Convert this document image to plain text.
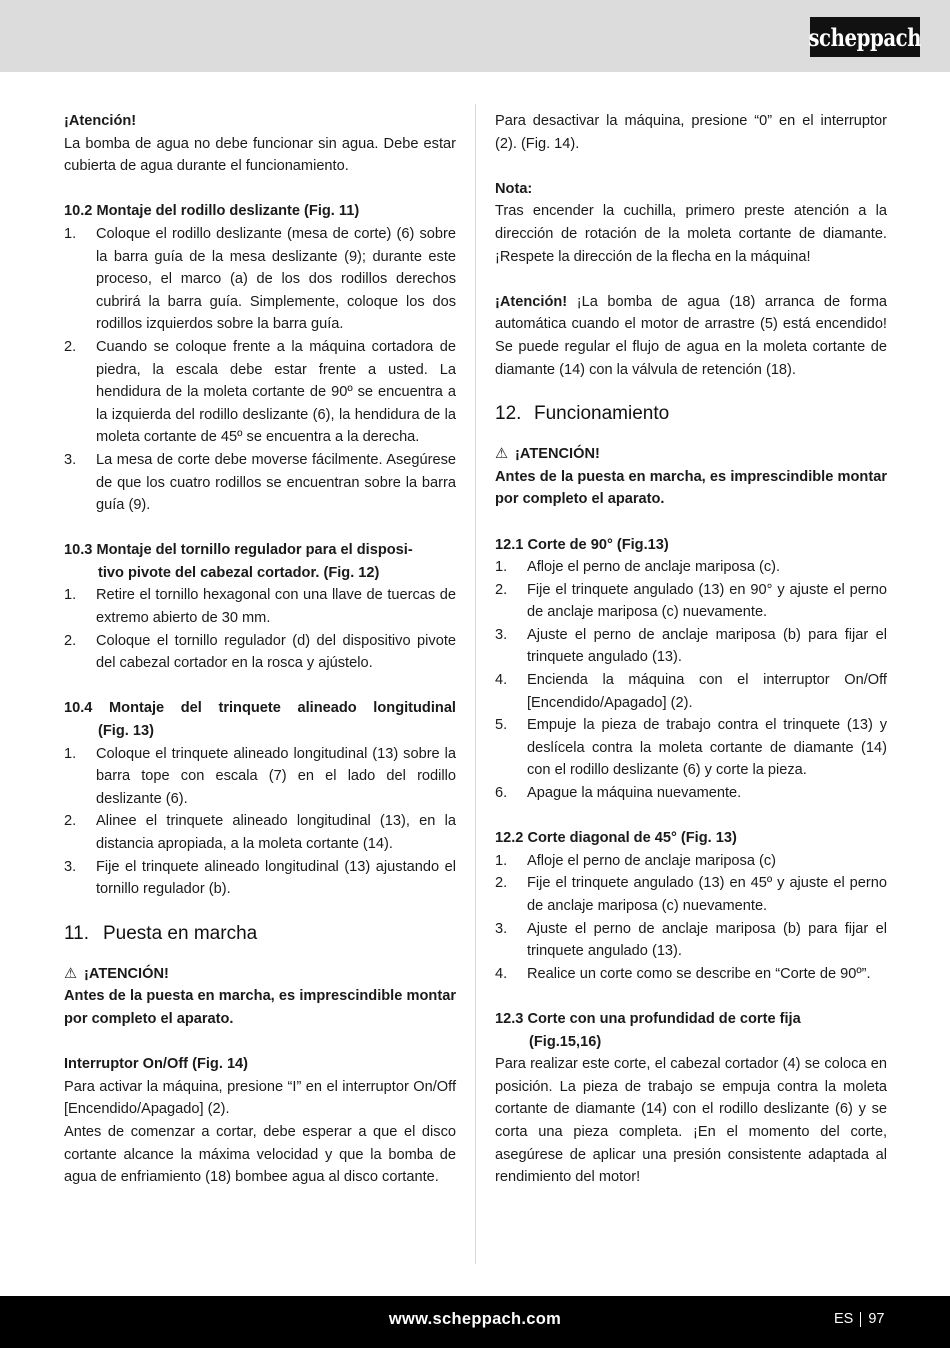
scheppach

¡Atención!

La bomba de agua no debe funcionar sin agua. Debe estar cubierta de agua durante el funcionamiento.

10.2 Montaje del rodillo deslizante (Fig. 11)

1. Coloque el rodillo deslizante (mesa de corte) (6) sobre la barra guía de la mesa deslizante (9); durante este proceso, el marco (a) de los dos rodillos derechos cubrirá la barra guía. Simplemente, coloque los dos rodillos izquierdos sobre la barra guía.
2. Cuando se coloque frente a la máquina cortadora de piedra, la escala debe estar frente a usted. La hendidura de la moleta cortante de 90º se encuentra a la izquierda del rodillo deslizante (6), la hendidura de la moleta cortante de 45º se encuentra a la derecha.
3. La mesa de corte debe moverse fácilmente. Asegúrese de que los cuatro rodillos se encuentran sobre la barra guía (9).

10.3 Montaje del tornillo regulador para el disposi-
tivo pivote del cabezal cortador. (Fig. 12)

1. Retire el tornillo hexagonal con una llave de tuercas de extremo abierto de 30 mm.
2. Coloque el tornillo regulador (d) del dispositivo pivote del cabezal cortador en la rosca y ajústelo.

10.4 Montaje del trinquete alineado longitudinal
(Fig. 13)

1. Coloque el trinquete alineado longitudinal (13) sobre la barra tope con escala (7) en el lado del rodillo deslizante (6).
2. Alinee el trinquete alineado longitudinal (13), en la distancia apropiada, a la moleta cortante (14).
3. Fije el trinquete alineado longitudinal (13) ajustando el tornillo regulador (b).
11. Puesta en marcha

⚠ ¡ATENCIÓN!

Antes de la puesta en marcha, es imprescindible montar por completo el aparato.

Interruptor On/Off (Fig. 14)

Para activar la máquina, presione “I” en el interruptor On/Off [Encendido/Apagado] (2).

Antes de comenzar a cortar, debe esperar a que el disco cortante alcance la máxima velocidad y que la bomba de agua de enfriamiento (18) bombee agua al disco cortante.

Para desactivar la máquina, presione “0” en el interruptor (2). (Fig. 14).

Nota:

Tras encender la cuchilla, primero preste atención a la dirección de rotación de la moleta cortante de diamante. ¡Respete la dirección de la flecha en la máquina!

¡Atención! ¡La bomba de agua (18) arranca de forma automática cuando el motor de arrastre (5) está encendido! Se puede regular el flujo de agua en la moleta cortante de diamante (14) con la válvula de retención (18).

12. Funcionamiento

⚠ ¡ATENCIÓN!

Antes de la puesta en marcha, es imprescindible montar por completo el aparato.

12.1 Corte de 90° (Fig.13)

1. Afloje el perno de anclaje mariposa (c).
2. Fije el trinquete angulado (13) en 90° y ajuste el perno de anclaje mariposa (c) nuevamente.
3. Ajuste el perno de anclaje mariposa (b) para fijar el trinquete angulado (13).
4. Encienda la máquina con el interruptor On/Off [Encendido/Apagado] (2).
5. Empuje la pieza de trabajo contra el trinquete (13) y deslícela contra la moleta cortante de diamante (14) con el rodillo deslizante (6) y corte la pieza.
6. Apague la máquina nuevamente.

12.2 Corte diagonal de 45° (Fig. 13)

1. Afloje el perno de anclaje mariposa (c)
2. Fije el trinquete angulado (13) en 45º y ajuste el perno de anclaje mariposa (c) nuevamente.
3. Ajuste el perno de anclaje mariposa (b) para fijar el trinquete angulado (13).
4. Realice un corte como se describe en “Corte de 90º”.

12.3 Corte con una profundidad de corte fija
(Fig.15,16)

Para realizar este corte, el cabezal cortador (4) se coloca en posición. La pieza de trabajo se empuja contra la moleta cortante de diamante (14) con el rodillo deslizante (6) y se corta una pieza completa. ¡En el momento del corte, asegúrese de aplicar una presión consistente adaptada al rendimiento del motor!

www.scheppach.com	ES 97
